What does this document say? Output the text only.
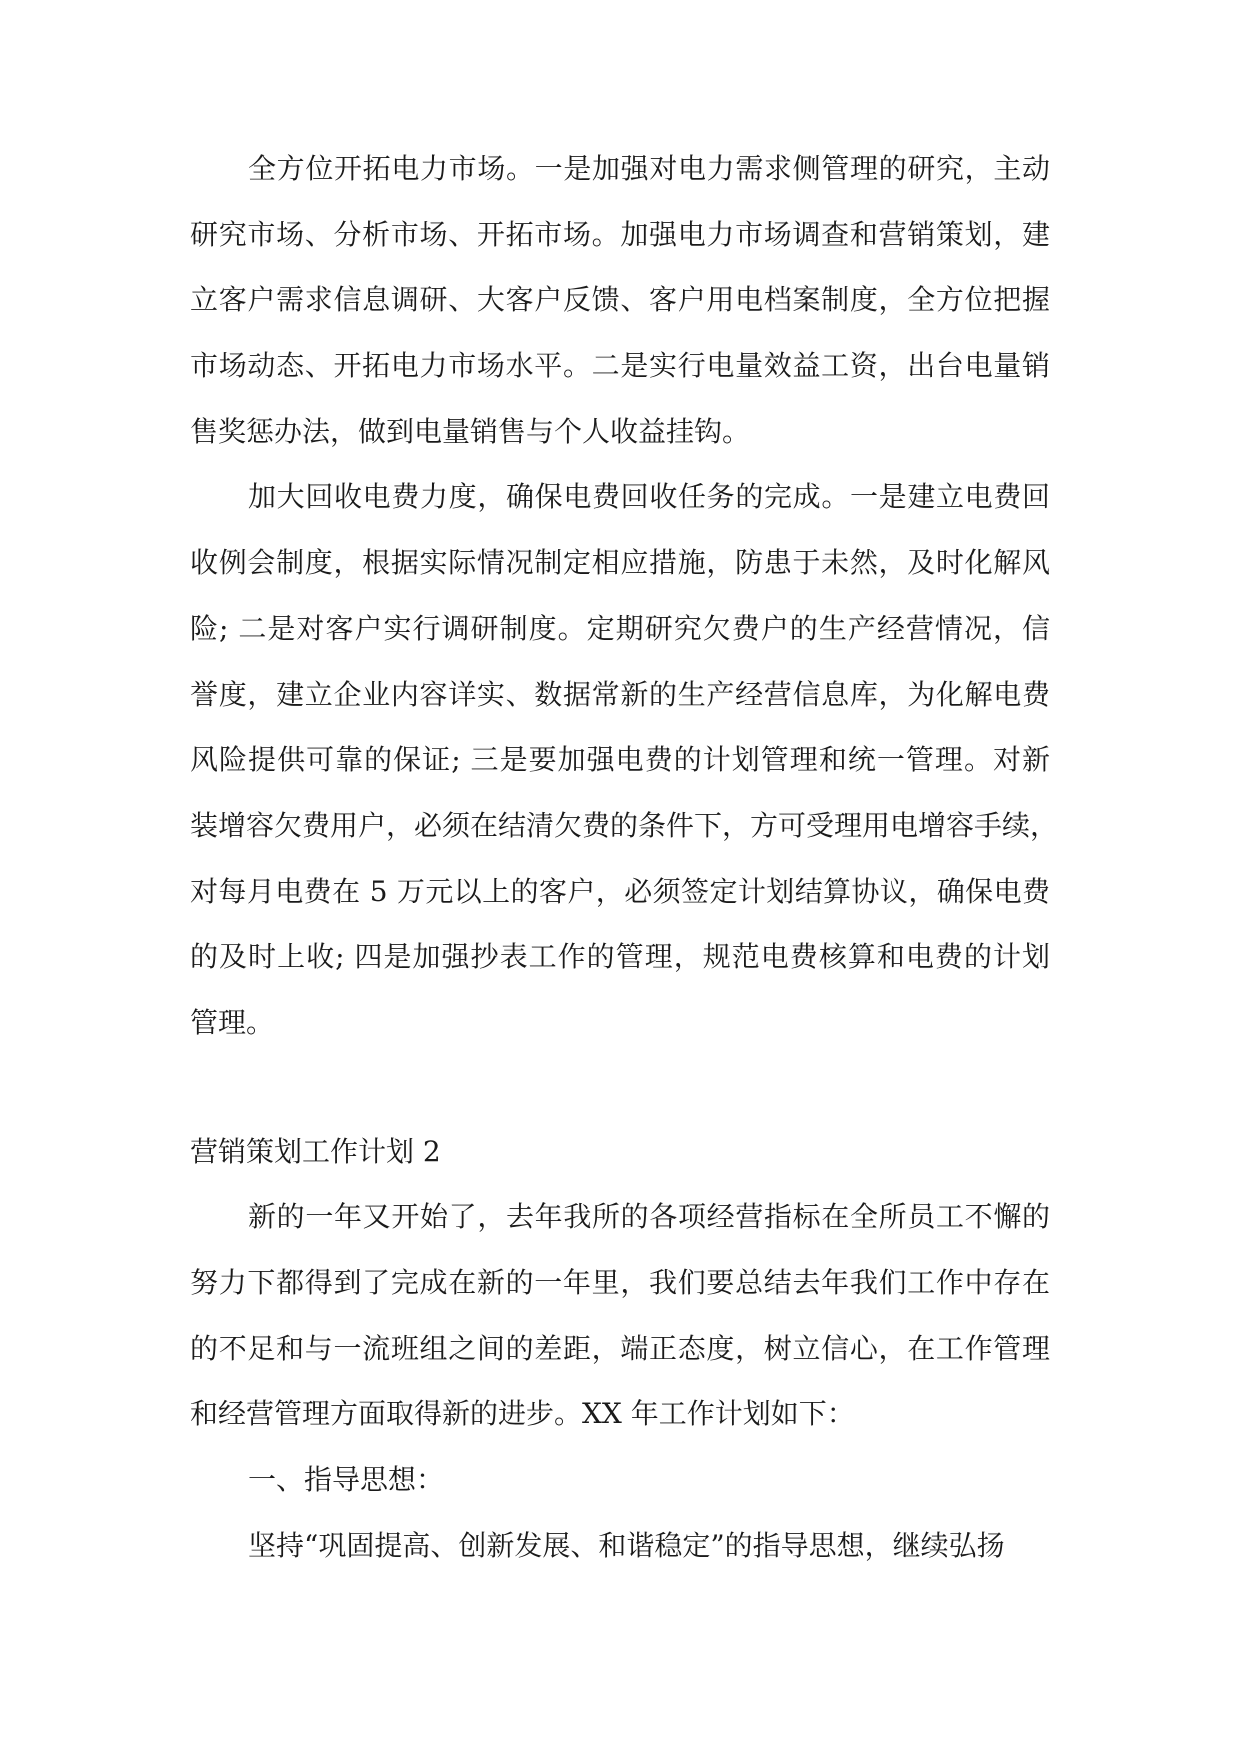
全方位开拓电力市场。一是加强对电力需求侧管理的研究，主动
研究市场、分析市场、开拓市场。加强电力市场调查和营销策划，建
立客户需求信息调研、大客户反馈、客户用电档案制度，全方位把握
市场动态、开拓电力市场水平。二是实行电量效益工资，出台电量销
售奖惩办法，做到电量销售与个人收益挂钩。
加大回收电费力度，确保电费回收任务的完成。一是建立电费回
收例会制度，根据实际情况制定相应措施，防患于未然，及时化解风
险; 二是对客户实行调研制度。定期研究欠费户的生产经营情况，信
誉度，建立企业内容详实、数据常新的生产经营信息库，为化解电费
风险提供可靠的保证; 三是要加强电费的计划管理和统一管理。对新
装增容欠费用户，必须在结清欠费的条件下，方可受理用电增容手续，
对每月电费在 5 万元以上的客户，必须签定计划结算协议，确保电费
的及时上收; 四是加强抄表工作的管理，规范电费核算和电费的计划
管理。
营销策划工作计划 2
新的一年又开始了，去年我所的各项经营指标在全所员工不懈的
努力下都得到了完成在新的一年里，我们要总结去年我们工作中存在
的不足和与一流班组之间的差距，端正态度，树立信心，在工作管理
和经营管理方面取得新的进步。XX 年工作计划如下：
一、指导思想：
坚持“巩固提高、创新发展、和谐稳定”的指导思想，继续弘扬
